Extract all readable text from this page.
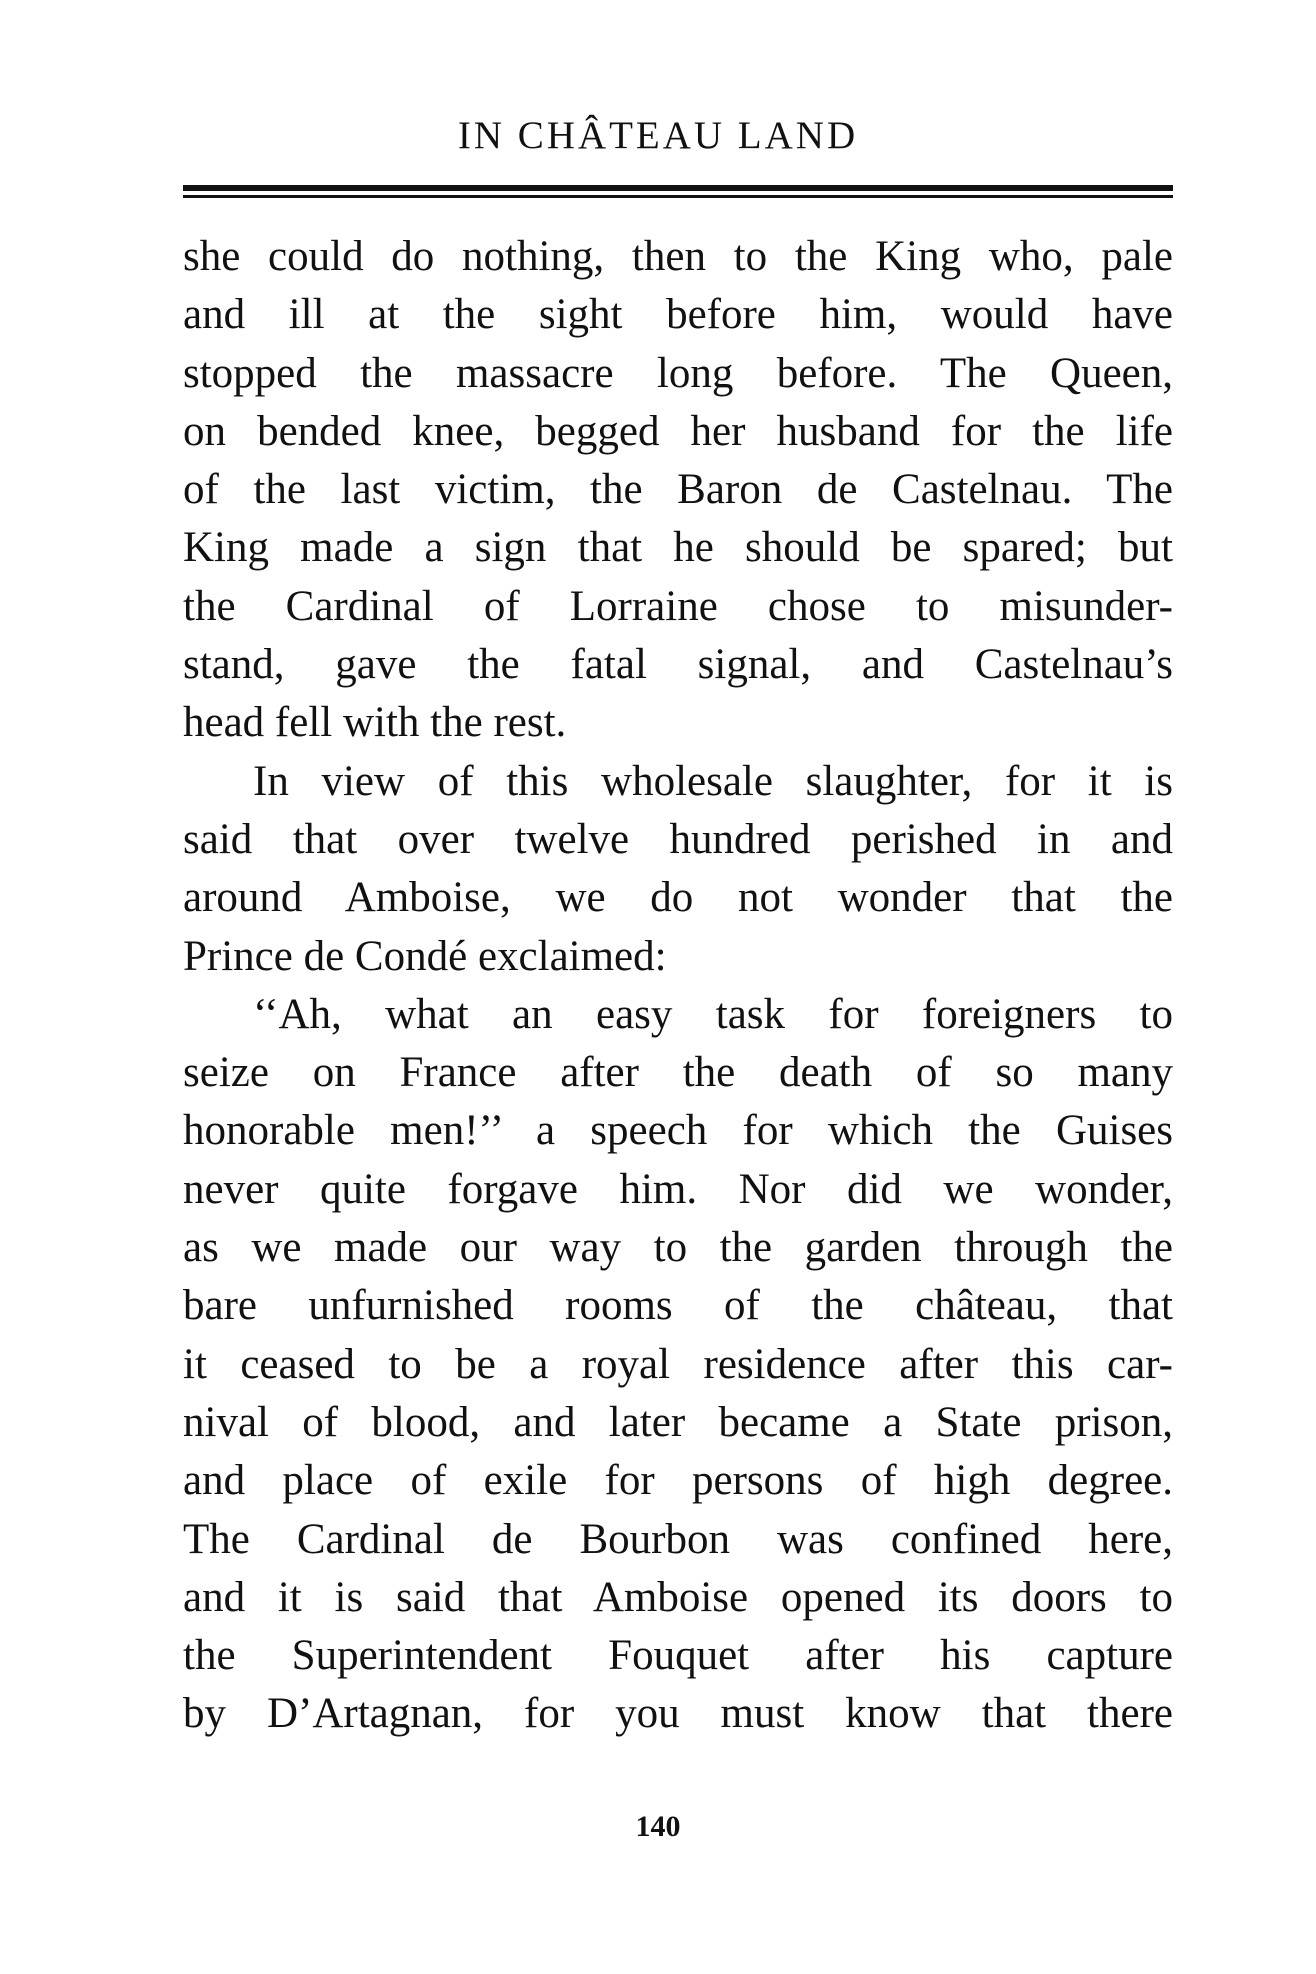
IN CHÂTEAU LAND
she could do nothing, then to the King who, pale
and ill at the sight before him, would have
stopped the massacre long before. The Queen,
on bended knee, begged her husband for the life
of the last victim, the Baron de Castelnau. The
King made a sign that he should be spared; but
the Cardinal of Lorraine chose to misunder-
stand, gave the fatal signal, and Castelnau’s
head fell with the rest.
In view of this wholesale slaughter, for it is
said that over twelve hundred perished in and
around Amboise, we do not wonder that the
Prince de Condé exclaimed:
‘‘Ah, what an easy task for foreigners to
seize on France after the death of so many
honorable men!’’ a speech for which the Guises
never quite forgave him. Nor did we wonder,
as we made our way to the garden through the
bare unfurnished rooms of the château, that
it ceased to be a royal residence after this car-
nival of blood, and later became a State prison,
and place of exile for persons of high degree.
The Cardinal de Bourbon was confined here,
and it is said that Amboise opened its doors to
the Superintendent Fouquet after his capture
by D’Artagnan, for you must know that there
140
